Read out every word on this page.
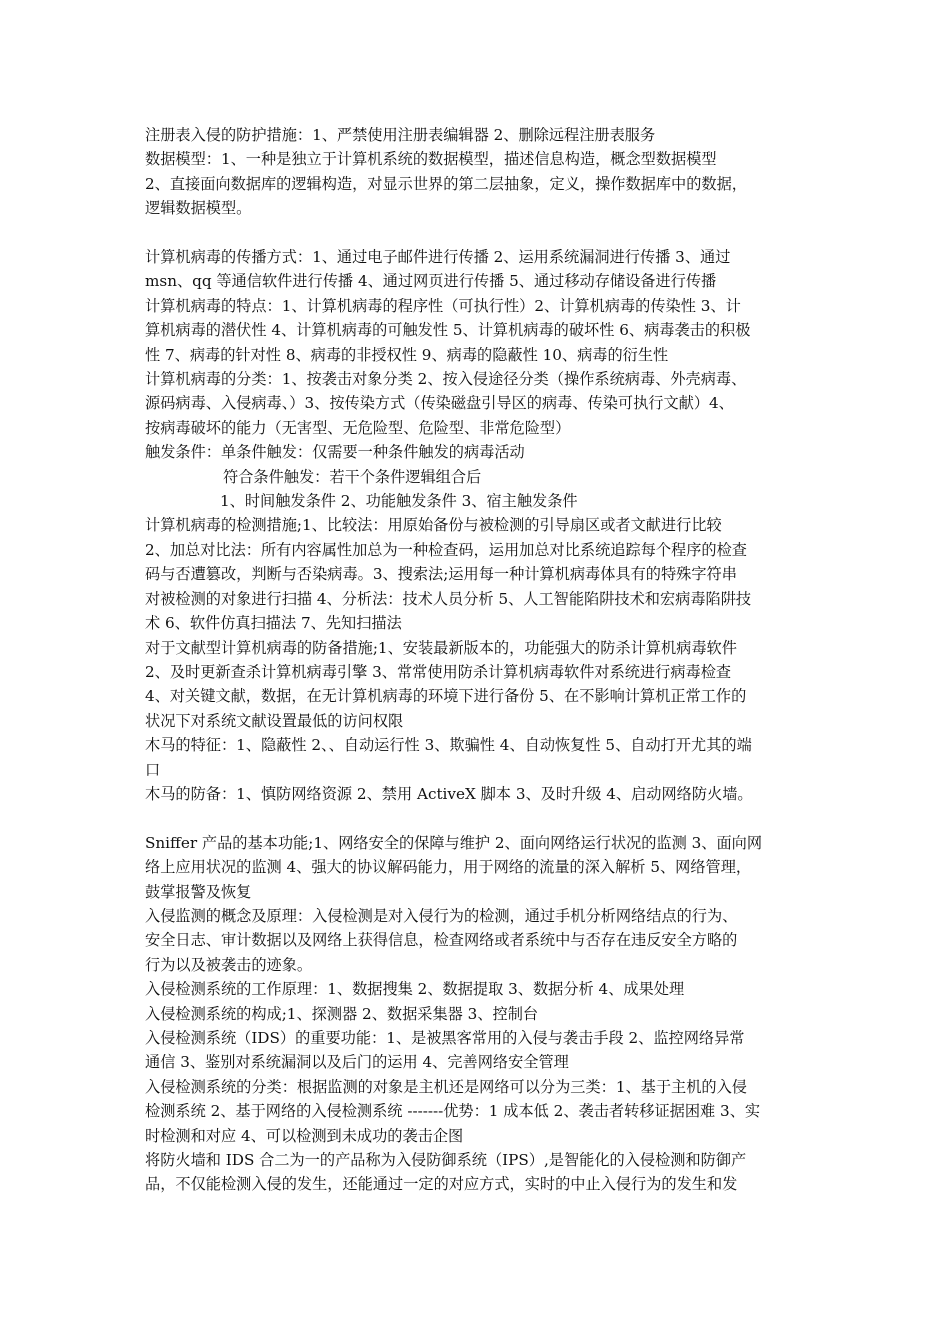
注册表入侵的防护措施：1、严禁使用注册表编辑器 2、删除远程注册表服务
数据模型：1、一种是独立于计算机系统的数据模型，描述信息构造，概念型数据模型
2、直接面向数据库的逻辑构造，对显示世界的第二层抽象，定义，操作数据库中的数据，
逻辑数据模型。
计算机病毒的传播方式：1、通过电子邮件进行传播 2、运用系统漏洞进行传播 3、通过
msn、qq 等通信软件进行传播 4、通过网页进行传播 5、通过移动存储设备进行传播
计算机病毒的特点：1、计算机病毒的程序性（可执行性）2、计算机病毒的传染性 3、计
算机病毒的潜伏性 4、计算机病毒的可触发性 5、计算机病毒的破坏性 6、病毒袭击的积极
性 7、病毒的针对性 8、病毒的非授权性 9、病毒的隐蔽性 10、病毒的衍生性
计算机病毒的分类：1、按袭击对象分类 2、按入侵途径分类（操作系统病毒、外壳病毒、
源码病毒、入侵病毒、）3、按传染方式（传染磁盘引导区的病毒、传染可执行文献）4、
按病毒破坏的能力（无害型、无危险型、危险型、非常危险型）
触发条件：单条件触发：仅需要一种条件触发的病毒活动
符合条件触发：若干个条件逻辑组合后
1、时间触发条件 2、功能触发条件 3、宿主触发条件
计算机病毒的检测措施;1、比较法：用原始备份与被检测的引导扇区或者文献进行比较
2、加总对比法：所有内容属性加总为一种检查码，运用加总对比系统追踪每个程序的检查
码与否遭篡改，判断与否染病毒。3、搜索法;运用每一种计算机病毒体具有的特殊字符串
对被检测的对象进行扫描 4、分析法：技术人员分析 5、人工智能陷阱技术和宏病毒陷阱技
术 6、软件仿真扫描法 7、先知扫描法
对于文献型计算机病毒的防备措施;1、安装最新版本的，功能强大的防杀计算机病毒软件
2、及时更新查杀计算机病毒引擎 3、常常使用防杀计算机病毒软件对系统进行病毒检查
4、对关键文献，数据，在无计算机病毒的环境下进行备份 5、在不影响计算机正常工作的
状况下对系统文献设置最低的访问权限
木马的特征：1、隐蔽性 2、、自动运行性 3、欺骗性 4、自动恢复性 5、自动打开尤其的端
口
木马的防备：1、慎防网络资源 2、禁用 ActiveX 脚本 3、及时升级 4、启动网络防火墙。
Sniffer 产品的基本功能;1、网络安全的保障与维护 2、面向网络运行状况的监测 3、面向网
络上应用状况的监测 4、强大的协议解码能力，用于网络的流量的深入解析 5、网络管理，
鼓掌报警及恢复
入侵监测的概念及原理：入侵检测是对入侵行为的检测，通过手机分析网络结点的行为、
安全日志、审计数据以及网络上获得信息，检查网络或者系统中与否存在违反安全方略的
行为以及被袭击的迹象。
入侵检测系统的工作原理：1、数据搜集 2、数据提取 3、数据分析 4、成果处理
入侵检测系统的构成;1、探测器 2、数据采集器 3、控制台
入侵检测系统（IDS）的重要功能：1、是被黑客常用的入侵与袭击手段 2、监控网络异常
通信 3、鉴别对系统漏洞以及后门的运用 4、完善网络安全管理
入侵检测系统的分类：根据监测的对象是主机还是网络可以分为三类：1、基于主机的入侵
检测系统 2、基于网络的入侵检测系统 -------优势：1 成本低 2、袭击者转移证据困难 3、实
时检测和对应 4、可以检测到未成功的袭击企图
将防火墙和 IDS 合二为一的产品称为入侵防御系统（IPS）,是智能化的入侵检测和防御产
品，不仅能检测入侵的发生，还能通过一定的对应方式，实时的中止入侵行为的发生和发
